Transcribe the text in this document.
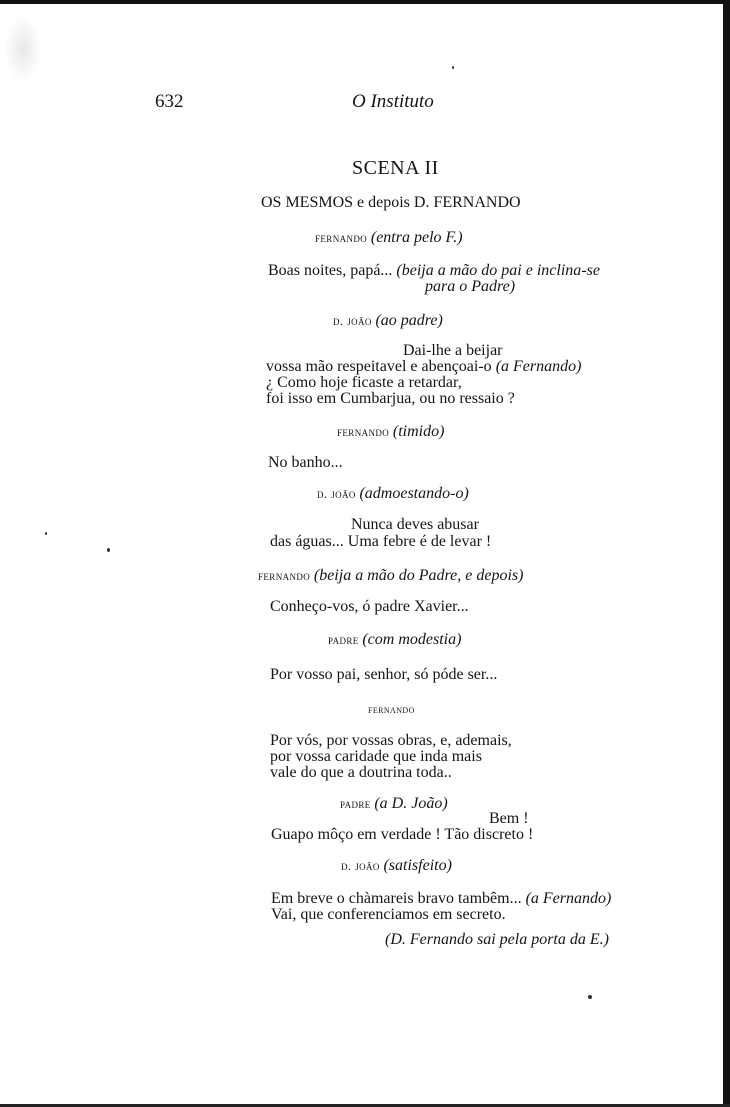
632	O Instituto
SCENA II
OS MESMOS e depois D. FERNANDO
fernando (entra pelo F.)
Boas noites, papá... (beija a mão do pai e inclina-se
para o Padre)
d. joão (ao padre)
Dai-lhe a beijar
vossa mão respeitavel e abençoai-o (a Fernando)
¿ Como hoje ficaste a retardar,
foi isso em Cumbarjua, ou no ressaio ?
fernando (timido)
No banho...
d. joão (admoestando-o)
Nunca deves abusar
das águas... Uma febre é de levar !
fernando (beija a mão do Padre, e depois)
Conheço-vos, ó padre Xavier...
padre (com modestia)
Por vosso pai, senhor, só póde ser...
fernando
Por vós, por vossas obras, e, ademais,
por vossa caridade que inda mais
vale do que a doutrina toda..
padre (a D. João)
Bem !
Guapo môço em verdade ! Tão discreto !
d. joão (satisfeito)
Em breve o chàmareis bravo tambêm... (a Fernando)
Vai, que conferenciamos em secreto.
(D. Fernando sai pela porta da E.)
